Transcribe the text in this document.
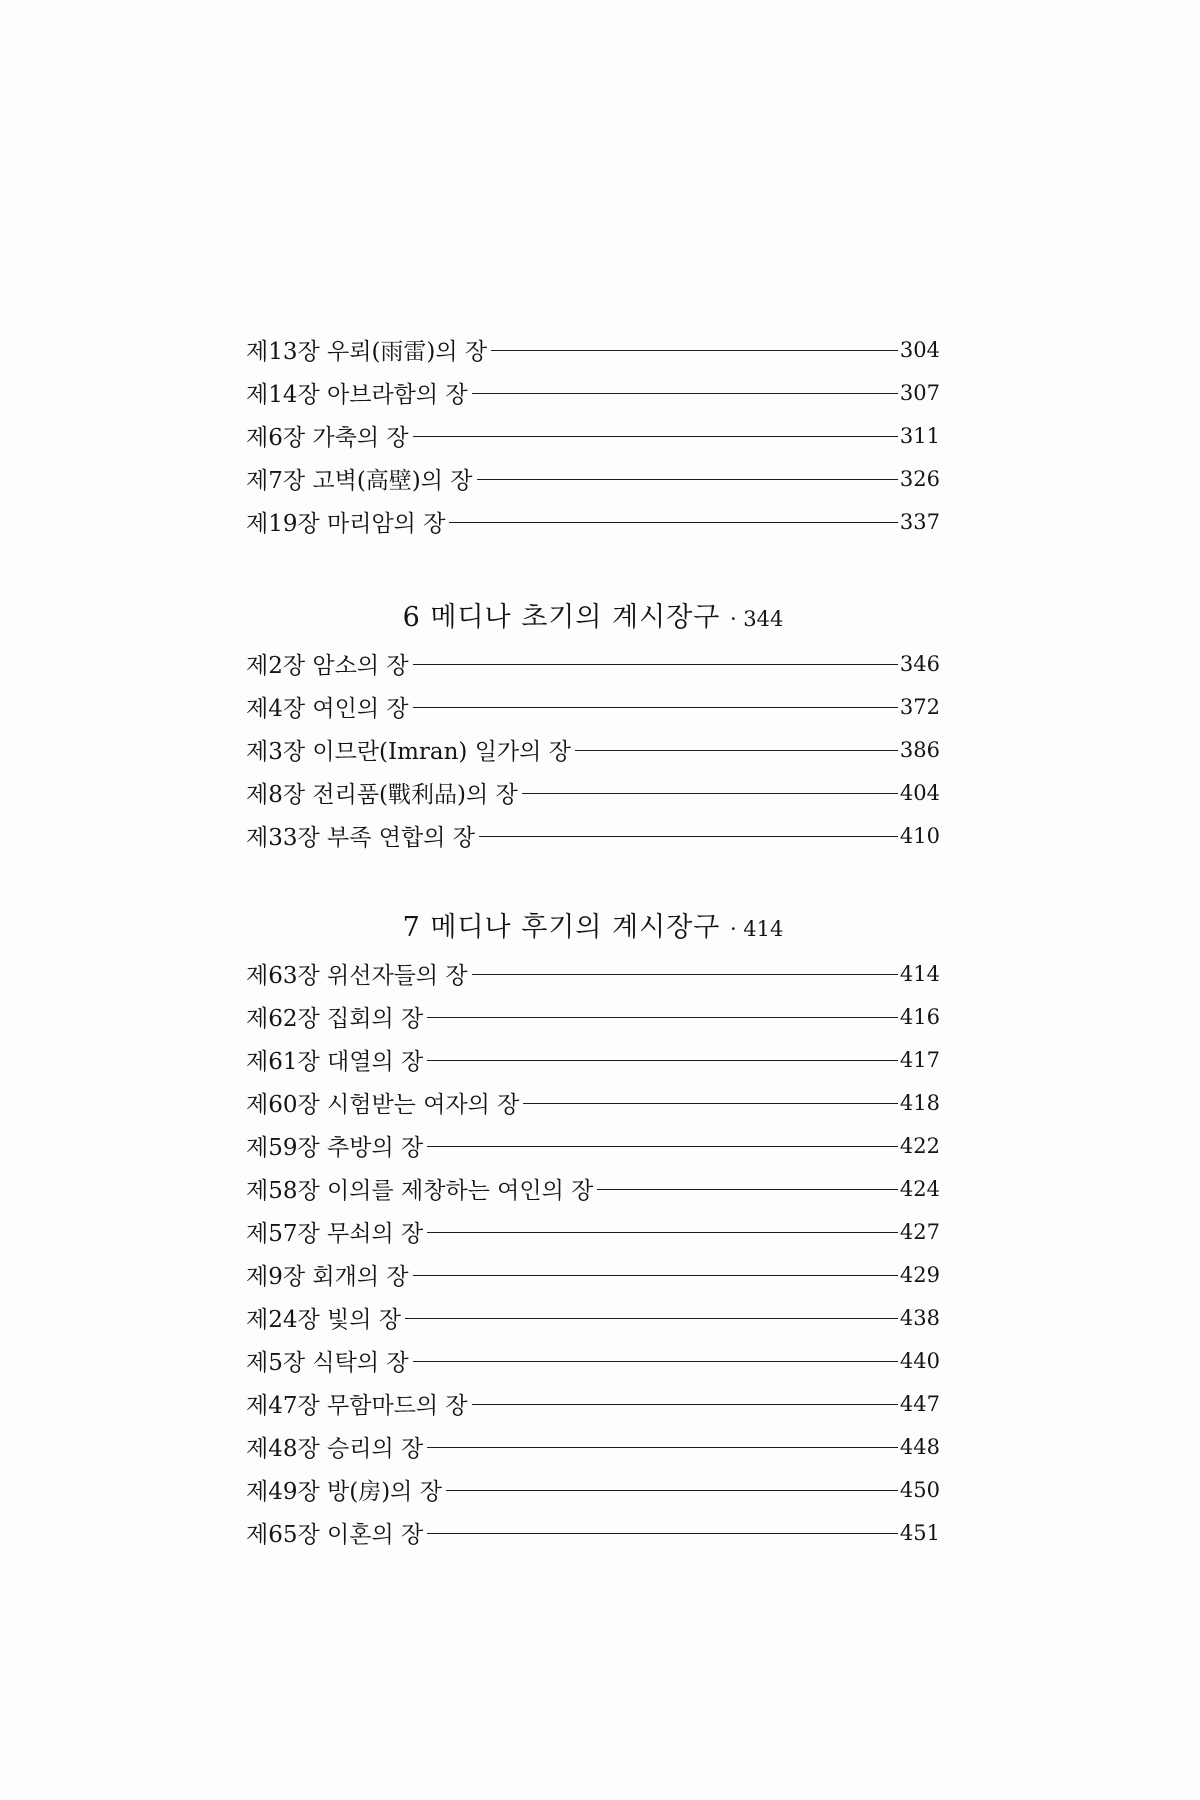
제13장 우뢰(雨雷)의 장	304
제14장 아브라함의 장	307
제6장 가축의 장	311
제7장 고벽(高壁)의 장	326
제19장 마리암의 장	337
6 메디나 초기의 계시장구 · 344
제2장 암소의 장	346
제4장 여인의 장	372
제3장 이므란(Imran) 일가의 장	386
제8장 전리품(戰利品)의 장	404
제33장 부족 연합의 장	410
7 메디나 후기의 계시장구 · 414
제63장 위선자들의 장	414
제62장 집회의 장	416
제61장 대열의 장	417
제60장 시험받는 여자의 장	418
제59장 추방의 장	422
제58장 이의를 제창하는 여인의 장	424
제57장 무쇠의 장	427
제9장 회개의 장	429
제24장 빛의 장	438
제5장 식탁의 장	440
제47장 무함마드의 장	447
제48장 승리의 장	448
제49장 방(房)의 장	450
제65장 이혼의 장	451
